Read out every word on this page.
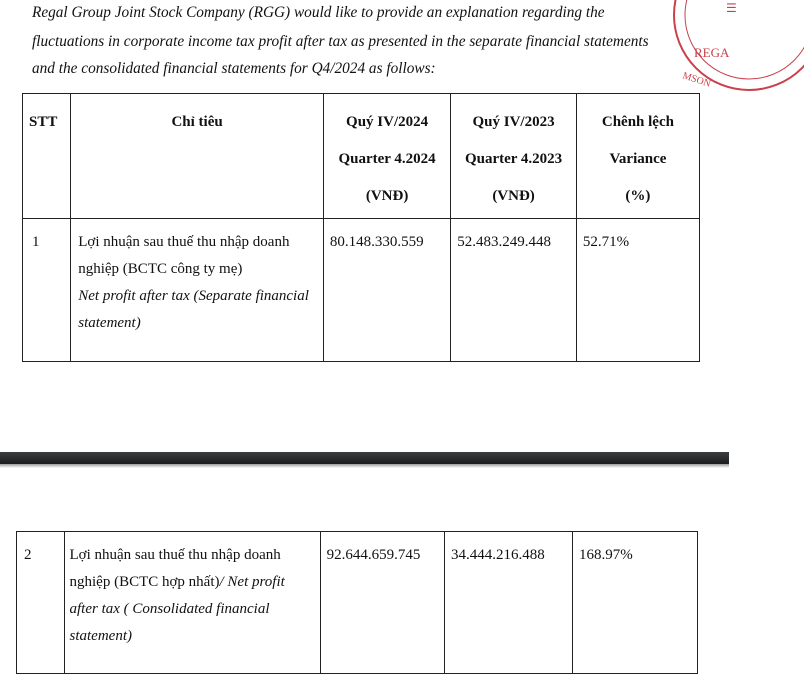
Regal Group Joint Stock Company (RGG) would like to provide an explanation regarding the
fluctuations in corporate income tax profit after tax as presented in the separate financial statements
and the consolidated financial statements for Q4/2024 as follows:
REGA
MSON
☰
STT	Chỉ tiêu	Quý IV/2024
Quarter 4.2024
(VNĐ)	Quý IV/2023
Quarter 4.2023
(VNĐ)	Chênh lệch
Variance
(%)

1	Lợi nhuận sau thuế thu nhập doanh nghiệp (BCTC công ty mẹ)
Net profit after tax (Separate financial statement)	80.148.330.559	52.483.249.448	52.71%
2	Lợi nhuận sau thuế thu nhập doanh nghiệp (BCTC hợp nhất)/ Net profit after tax ( Consolidated financial statement)	92.644.659.745	34.444.216.488	168.97%
